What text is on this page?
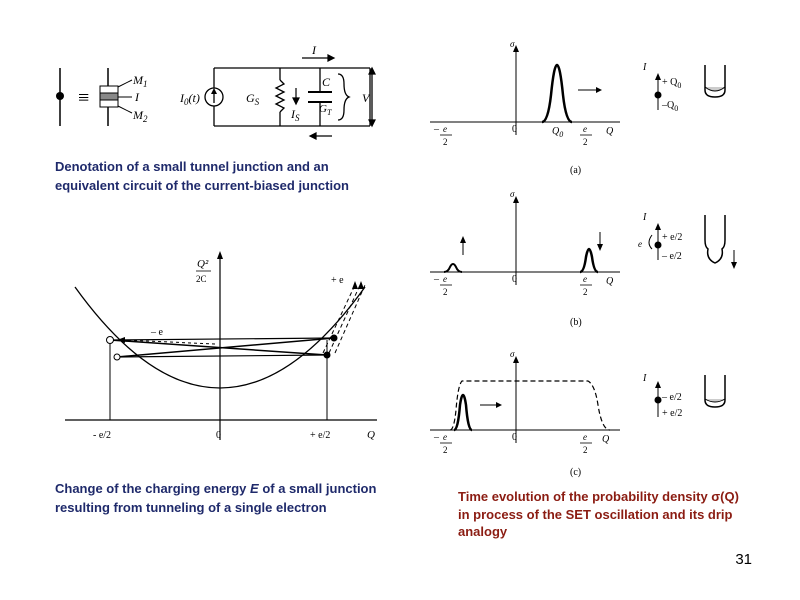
≡
$M_1$
I
$M_2$
$I_0(t)$	$G_S$
$I_S$
C
$G_T$
V
I
Denotation of a small tunnel junction and an
equivalent circuit of the current-biased junction
Q²
2C
- e/2	0	+ e/2	Q
+ e
– e
Change of the charging energy E of a small junction
resulting from tunneling of a single electron
σ
– e
2
0	$Q_0$
e
2
Q
(a)
I
+ $Q_0$
$-Q_0$
σ
– e
2
0	e
2
Q
(b)
I
e
+ e/2
– e/2
σ
– e
2
0	e
2
Q
(c)
I
– e/2
+ e/2
Time evolution of the probability density σ(Q)
in process of the SET oscillation and its drip
analogy
31
